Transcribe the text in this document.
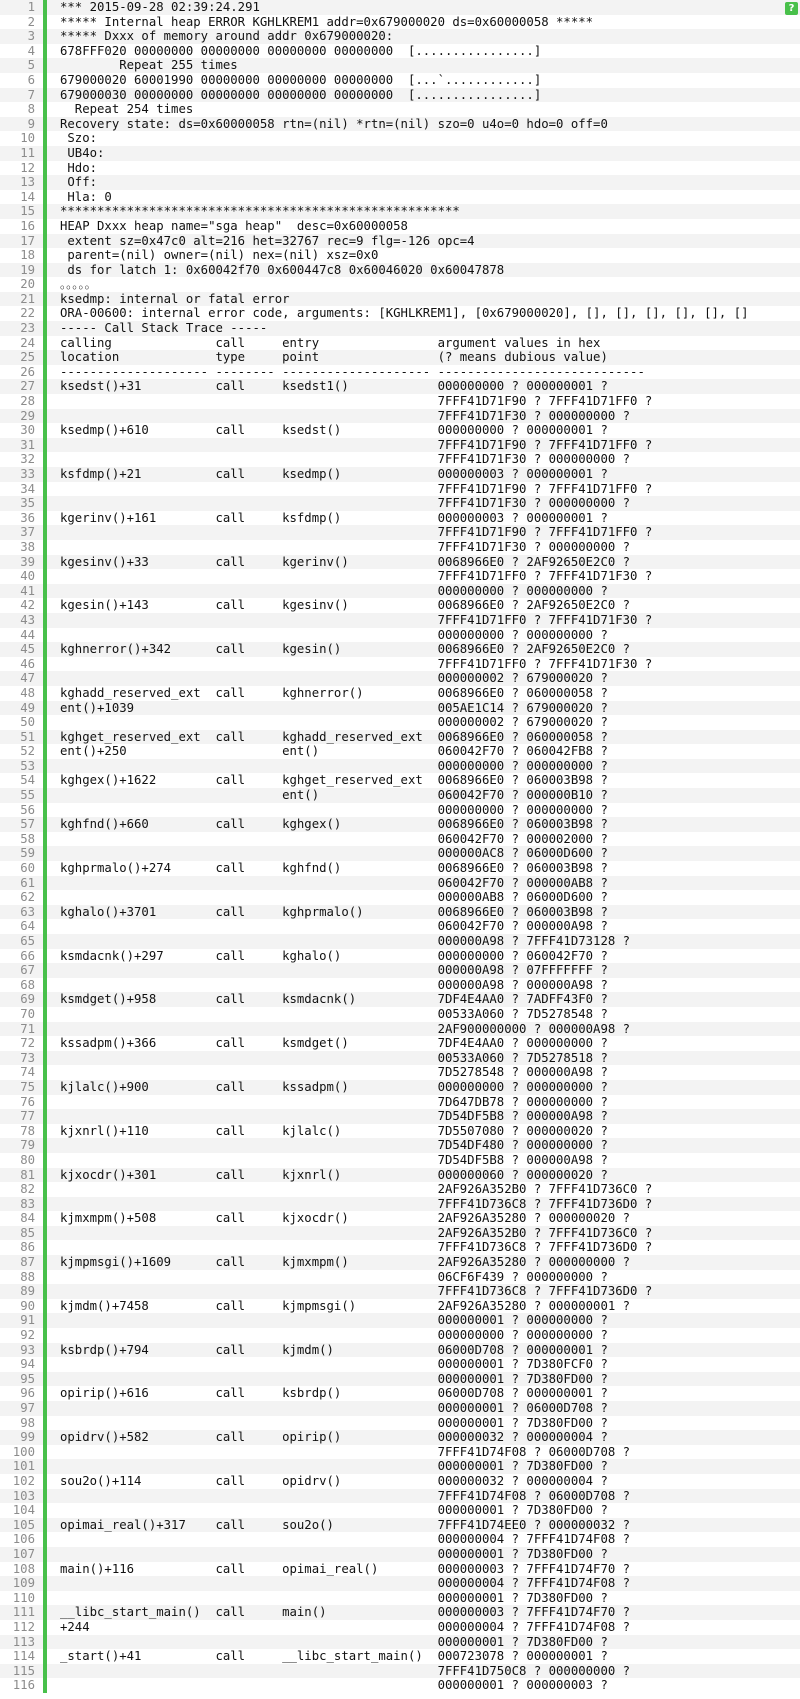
1 *** 2015-09-28 02:39:24.291
2 ***** Internal heap ERROR KGHLKREM1 addr=0x679000020 ds=0x60000058 *****
3 ***** Dxxx of memory around addr 0x679000020:
4 678FFF020 00000000 00000000 00000000 00000000  [................]
5 Repeat 255 times
6 679000020 60001990 00000000 00000000 00000000  [...`............]
7 679000030 00000000 00000000 00000000 00000000  [................]
8 Repeat 254 times
9 Recovery state: ds=0x60000058 rtn=(nil) *rtn=(nil) szo=0 u4o=0 hdo=0 off=0
10 Szo:
11 UB4o:
12 Hdo:
13 Off:
14 Hla: 0
15 ******************************************************
16 HEAP Dxxx heap name="sga heap"  desc=0x60000058
17 extent sz=0x47c0 alt=216 het=32767 rec=9 flg=-126 opc=4
18 parent=(nil) owner=(nil) nex=(nil) xsz=0x0
19 ds for latch 1: 0x60042f70 0x600447c8 0x60046020 0x60047878
20 。。。。。
21 ksedmp: internal or fatal error
22 ORA-00600: internal error code, arguments: [KGHLKREM1], [0x679000020], [], [], [], [], [], []
23 ----- Call Stack Trace -----
24 calling              call     entry                argument values in hex
25 location             type     point                (? means dubious value)
26 -------------------- -------- -------------------- ----------------------------
27 ksedst()+31          call     ksedst1()            000000000 ? 000000001 ?
28 7FFF41D71F90 ? 7FFF41D71FF0 ?
29 7FFF41D71F30 ? 000000000 ?
30 ksedmp()+610         call     ksedst()             000000000 ? 000000001 ?
31 7FFF41D71F90 ? 7FFF41D71FF0 ?
32 7FFF41D71F30 ? 000000000 ?
33 ksfdmp()+21          call     ksedmp()             000000003 ? 000000001 ?
34 7FFF41D71F90 ? 7FFF41D71FF0 ?
35 7FFF41D71F30 ? 000000000 ?
36 kgerinv()+161        call     ksfdmp()             000000003 ? 000000001 ?
37 7FFF41D71F90 ? 7FFF41D71FF0 ?
38 7FFF41D71F30 ? 000000000 ?
39 kgesinv()+33         call     kgerinv()            0068966E0 ? 2AF92650E2C0 ?
40 7FFF41D71FF0 ? 7FFF41D71F30 ?
41 000000000 ? 000000000 ?
42 kgesin()+143         call     kgesinv()            0068966E0 ? 2AF92650E2C0 ?
43 7FFF41D71FF0 ? 7FFF41D71F30 ?
44 000000000 ? 000000000 ?
45 kghnerror()+342      call     kgesin()             0068966E0 ? 2AF92650E2C0 ?
46 7FFF41D71FF0 ? 7FFF41D71F30 ?
47 000000002 ? 679000020 ?
48 kghadd_reserved_ext  call     kghnerror()          0068966E0 ? 060000058 ?
49 ent()+1039                                         005AE1C14 ? 679000020 ?
50 000000002 ? 679000020 ?
51 kghget_reserved_ext  call     kghadd_reserved_ext  0068966E0 ? 060000058 ?
52 ent()+250                     ent()                060042F70 ? 060042FB8 ?
53 000000000 ? 000000000 ?
54 kghgex()+1622        call     kghget_reserved_ext  0068966E0 ? 060003B98 ?
55 ent()                060042F70 ? 000000B10 ?
56 000000000 ? 000000000 ?
57 kghfnd()+660         call     kghgex()             0068966E0 ? 060003B98 ?
58 060042F70 ? 000002000 ?
59 000000AC8 ? 06000D600 ?
60 kghprmalo()+274      call     kghfnd()             0068966E0 ? 060003B98 ?
61 060042F70 ? 000000AB8 ?
62 000000AB8 ? 06000D600 ?
63 kghalo()+3701        call     kghprmalo()          0068966E0 ? 060003B98 ?
64 060042F70 ? 000000A98 ?
65 000000A98 ? 7FFF41D73128 ?
66 ksmdacnk()+297       call     kghalo()             000000000 ? 060042F70 ?
67 000000A98 ? 07FFFFFFF ?
68 000000A98 ? 000000A98 ?
69 ksmdget()+958        call     ksmdacnk()           7DF4E4AA0 ? 7ADFF43F0 ?
70 00533A060 ? 7D5278548 ?
71 2AF900000000 ? 000000A98 ?
72 kssadpm()+366        call     ksmdget()            7DF4E4AA0 ? 000000000 ?
73 00533A060 ? 7D5278518 ?
74 7D5278548 ? 000000A98 ?
75 kjlalc()+900         call     kssadpm()            000000000 ? 000000000 ?
76 7D647DB78 ? 000000000 ?
77 7D54DF5B8 ? 000000A98 ?
78 kjxnrl()+110         call     kjlalc()             7D5507080 ? 000000020 ?
79 7D54DF480 ? 000000000 ?
80 7D54DF5B8 ? 000000A98 ?
81 kjxocdr()+301        call     kjxnrl()             000000060 ? 000000020 ?
82 2AF926A352B0 ? 7FFF41D736C0 ?
83 7FFF41D736C8 ? 7FFF41D736D0 ?
84 kjmxmpm()+508        call     kjxocdr()            2AF926A35280 ? 000000020 ?
85 2AF926A352B0 ? 7FFF41D736C0 ?
86 7FFF41D736C8 ? 7FFF41D736D0 ?
87 kjmpmsgi()+1609      call     kjmxmpm()            2AF926A35280 ? 000000000 ?
88 06CF6F439 ? 000000000 ?
89 7FFF41D736C8 ? 7FFF41D736D0 ?
90 kjmdm()+7458         call     kjmpmsgi()           2AF926A35280 ? 000000001 ?
91 000000001 ? 000000000 ?
92 000000000 ? 000000000 ?
93 ksbrdp()+794         call     kjmdm()              06000D708 ? 000000001 ?
94 000000001 ? 7D380FCF0 ?
95 000000001 ? 7D380FD00 ?
96 opirip()+616         call     ksbrdp()             06000D708 ? 000000001 ?
97 000000001 ? 06000D708 ?
98 000000001 ? 7D380FD00 ?
99 opidrv()+582         call     opirip()             000000032 ? 000000004 ?
100 7FFF41D74F08 ? 06000D708 ?
101 000000001 ? 7D380FD00 ?
102 sou2o()+114          call     opidrv()             000000032 ? 000000004 ?
103 7FFF41D74F08 ? 06000D708 ?
104 000000001 ? 7D380FD00 ?
105 opimai_real()+317    call     sou2o()              7FFF41D74EE0 ? 000000032 ?
106 000000004 ? 7FFF41D74F08 ?
107 000000001 ? 7D380FD00 ?
108 main()+116           call     opimai_real()        000000003 ? 7FFF41D74F70 ?
109 000000004 ? 7FFF41D74F08 ?
110 000000001 ? 7D380FD00 ?
111 __libc_start_main()  call     main()               000000003 ? 7FFF41D74F70 ?
112 +244                                               000000004 ? 7FFF41D74F08 ?
113 000000001 ? 7D380FD00 ?
114 _start()+41          call     __libc_start_main()  000723078 ? 000000001 ?
115 7FFF41D750C8 ? 000000000 ?
116 000000001 ? 000000003 ?
?
